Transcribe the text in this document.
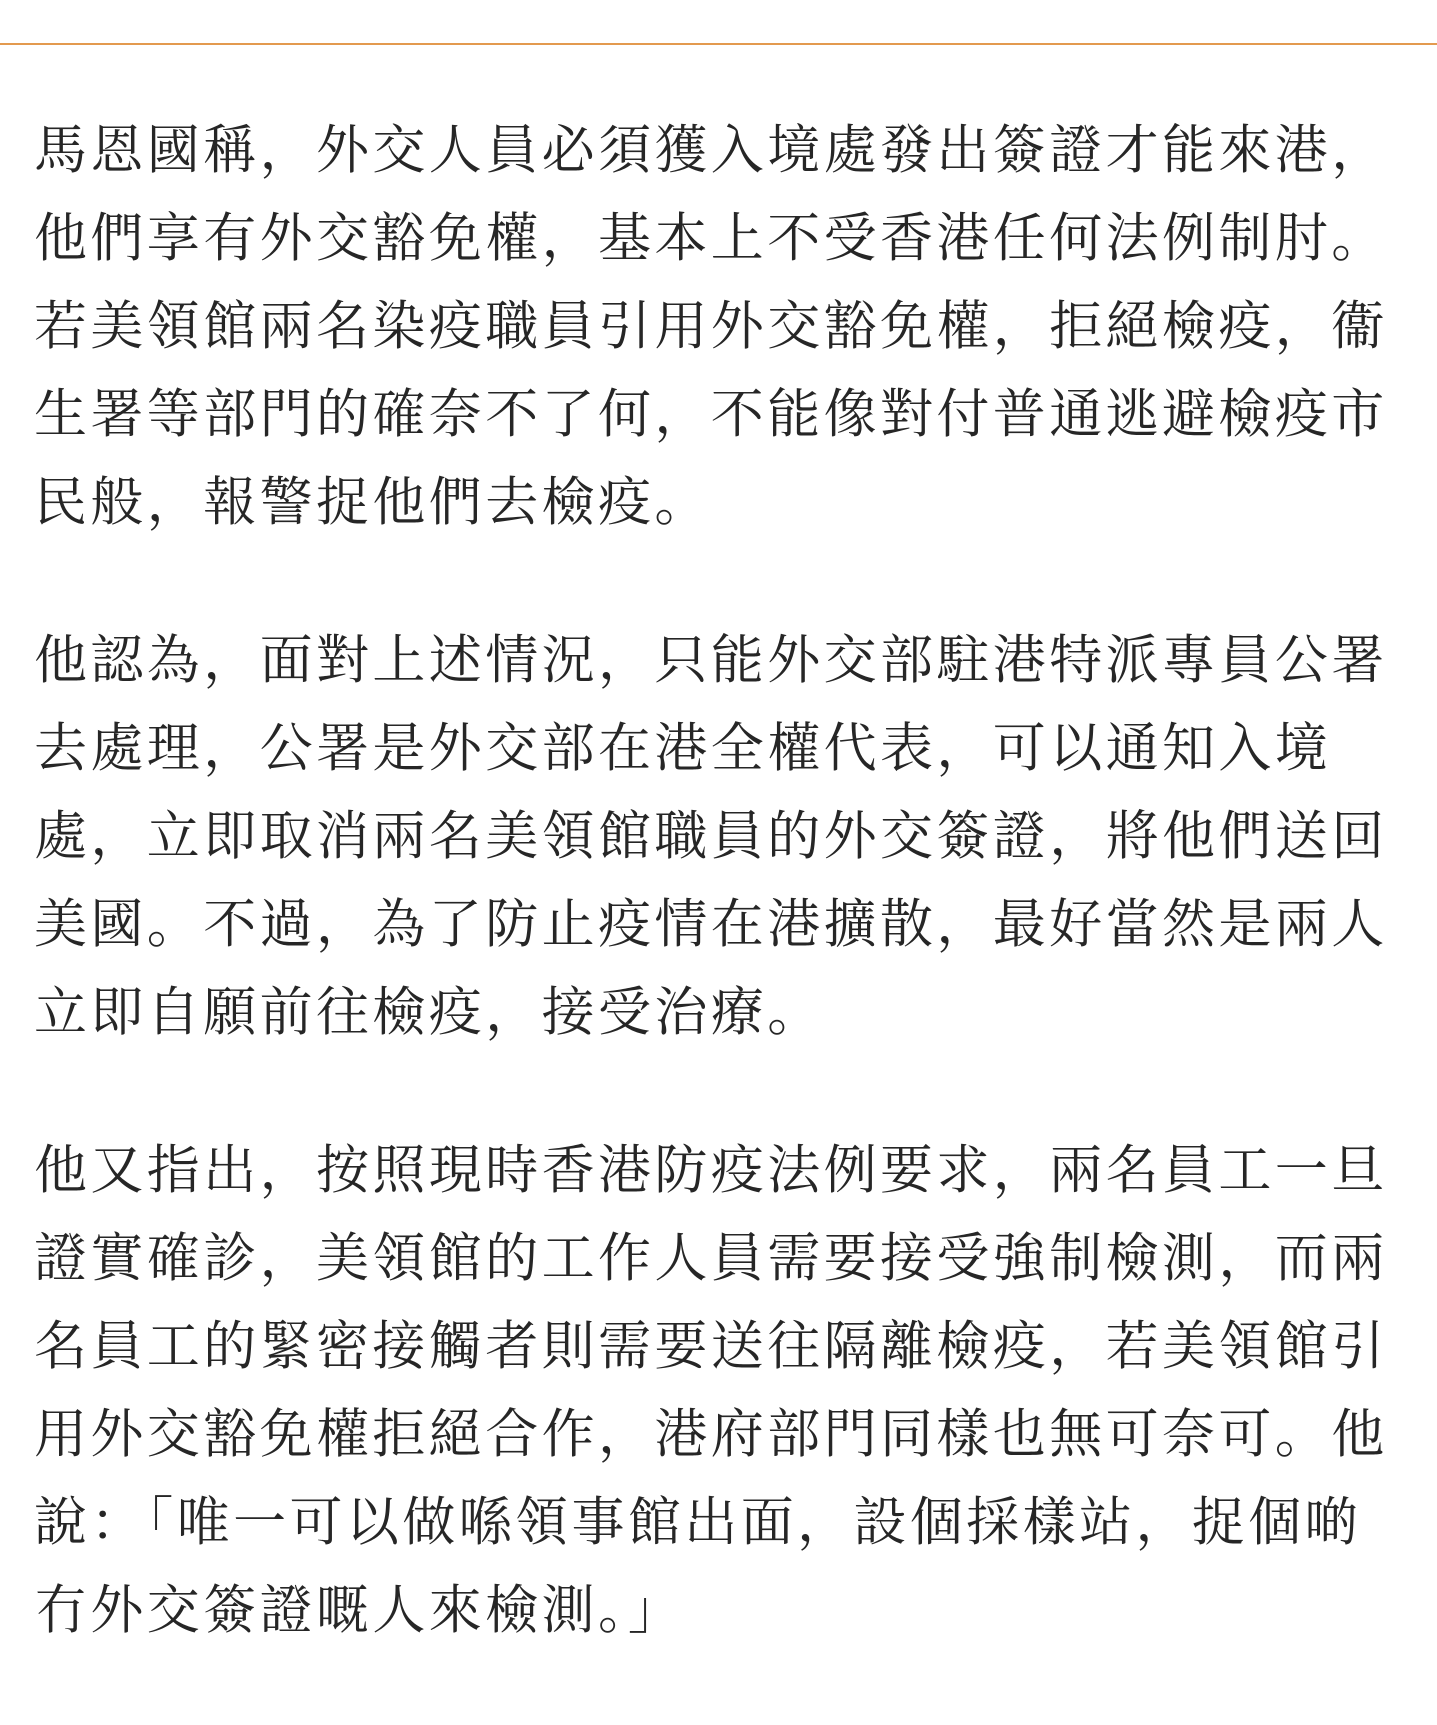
馬恩國稱，外交人員必須獲入境處發出簽證才能來港，
他們享有外交豁免權，基本上不受香港任何法例制肘。
若美領館兩名染疫職員引用外交豁免權，拒絕檢疫，衞
生署等部門的確奈不了何，不能像對付普通逃避檢疫市
民般，報警捉他們去檢疫。
他認為，面對上述情況，只能外交部駐港特派專員公署
去處理，公署是外交部在港全權代表，可以通知入境
處，立即取消兩名美領館職員的外交簽證，將他們送回
美國。不過，為了防止疫情在港擴散，最好當然是兩人
立即自願前往檢疫，接受治療。
他又指出，按照現時香港防疫法例要求，兩名員工一旦
證實確診，美領館的工作人員需要接受強制檢測，而兩
名員工的緊密接觸者則需要送往隔離檢疫，若美領館引
用外交豁免權拒絕合作，港府部門同樣也無可奈可。他
說：「唯一可以做喺領事館出面，設個採樣站，捉個啲
冇外交簽證嘅人來檢測。」
